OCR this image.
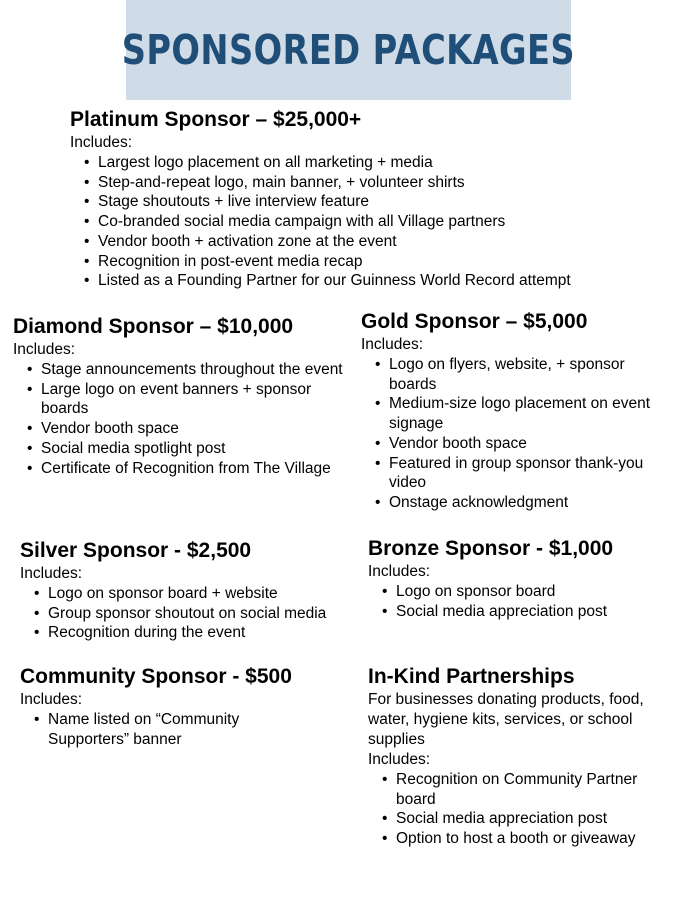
SPONSORED PACKAGES
Platinum Sponsor – $25,000+
Includes:
• Largest logo placement on all marketing + media
• Step-and-repeat logo, main banner, + volunteer shirts
• Stage shoutouts + live interview feature
• Co-branded social media campaign with all Village partners
• Vendor booth + activation zone at the event
• Recognition in post-event media recap
• Listed as a Founding Partner for our Guinness World Record attempt
Diamond Sponsor – $10,000
Includes:
• Stage announcements throughout the event
• Large logo on event banners + sponsor boards
• Vendor booth space
• Social media spotlight post
• Certificate of Recognition from The Village
Gold Sponsor – $5,000
Includes:
• Logo on flyers, website, + sponsor boards
• Medium-size logo placement on event signage
• Vendor booth space
• Featured in group sponsor thank-you video
• Onstage acknowledgment
Silver Sponsor - $2,500
Includes:
• Logo on sponsor board + website
• Group sponsor shoutout on social media
• Recognition during the event
Bronze Sponsor - $1,000
Includes:
• Logo on sponsor board
• Social media appreciation post
Community Sponsor - $500
Includes:
• Name listed on “Community Supporters” banner
In-Kind Partnerships
For businesses donating products, food, water, hygiene kits, services, or school supplies
Includes:
• Recognition on Community Partner board
• Social media appreciation post
• Option to host a booth or giveaway
